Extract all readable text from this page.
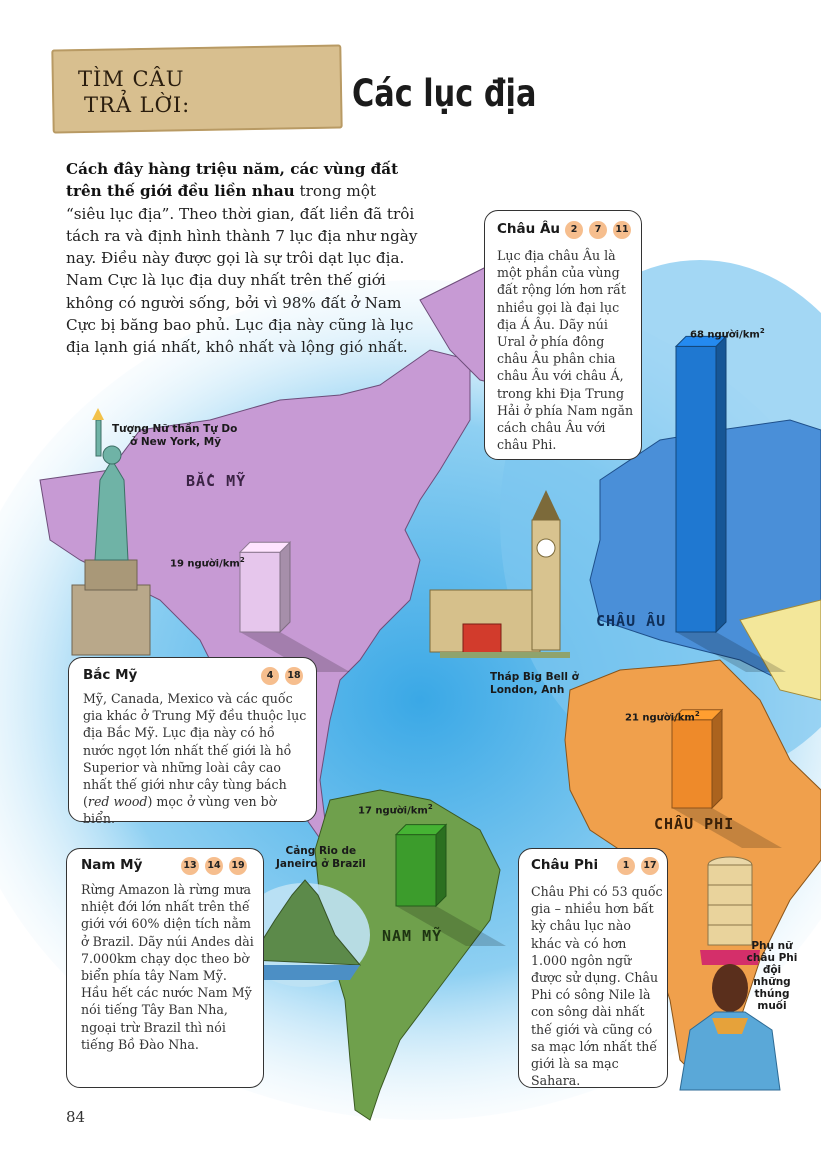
TÌM CÂU
TRẢ LỜI:	Các lục địa
Cách đây hàng triệu năm, các vùng đất trên thế giới đều liền nhau trong một “siêu lục địa”. Theo thời gian, đất liền đã trôi tách ra và định hình thành 7 lục địa như ngày nay. Điều này được gọi là sự trôi dạt lục địa. Nam Cực là lục địa duy nhất trên thế giới không có người sống, bởi vì 98% đất ở Nam Cực bị băng bao phủ. Lục địa này cũng là lục địa lạnh giá nhất, khô nhất và lộng gió nhất.
Châu Âu	2	7	11
Lục địa châu Âu là một phần của vùng đất rộng lớn hơn rất nhiều gọi là đại lục địa Á Âu. Dãy núi Ural ở phía đông châu Âu phân chia châu Âu với châu Á, trong khi Địa Trung Hải ở phía Nam ngăn cách châu Âu với châu Phi.
Bắc Mỹ	4	18
Mỹ, Canada, Mexico và các quốc gia khác ở Trung Mỹ đều thuộc lục địa Bắc Mỹ. Lục địa này có hồ nước ngọt lớn nhất thế giới là hồ Superior và những loài cây cao nhất thế giới như cây tùng bách (red wood) mọc ở vùng ven bờ biển.
Nam Mỹ	13 14 19
Rừng Amazon là rừng mưa nhiệt đới lớn nhất trên thế giới với 60% diện tích nằm ở Brazil. Dãy núi Andes dài 7.000km chạy dọc theo bờ biển phía tây Nam Mỹ. Hầu hết các nước Nam Mỹ nói tiếng Tây Ban Nha, ngoại trừ Brazil thì nói tiếng Bồ Đào Nha.
Châu Phi	1	17
Châu Phi có 53 quốc gia – nhiều hơn bất kỳ châu lục nào khác và có hơn 1.000 ngôn ngữ được sử dụng. Châu Phi có sông Nile là con sông dài nhất thế giới và cũng có sa mạc lớn nhất thế giới là sa mạc Sahara.
Tượng Nữ thần Tự Do
ở New York, Mỹ
Tháp Big Bell ở
London, Anh
Cảng Rio de
Janeiro ở Brazil
Phụ nữ
châu Phi
đội
những
thúng
muối
BẮC MỸ
CHÂU ÂU
CHÂU PHI
NAM MỸ
19 người/$km^2$
68 người/$km^2$
21 người/$km^2$
17 người/$km^2$
84
